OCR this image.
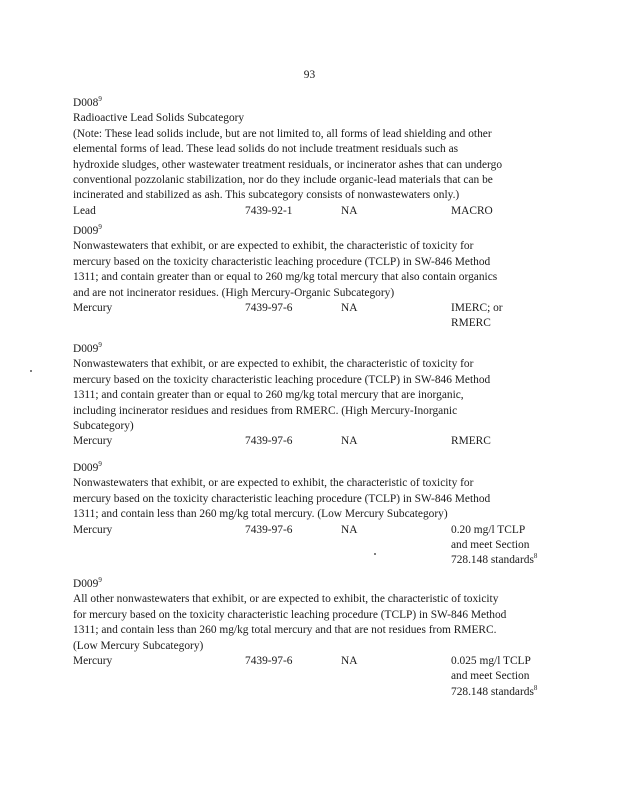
93
$D008^9$
Radioactive Lead Solids Subcategory
(Note: These lead solids include, but are not limited to, all forms of lead shielding and other
elemental forms of lead. These lead solids do not include treatment residuals such as
hydroxide sludges, other wastewater treatment residuals, or incinerator ashes that can undergo
conventional pozzolanic stabilization, nor do they include organic-lead materials that can be
incinerated and stabilized as ash. This subcategory consists of nonwastewaters only.)
Lead	7439-92-1	NA	MACRO
$D009^9$
Nonwastewaters that exhibit, or are expected to exhibit, the characteristic of toxicity for
mercury based on the toxicity characteristic leaching procedure (TCLP) in SW-846 Method
1311; and contain greater than or equal to 260 mg/kg total mercury that also contain organics
and are not incinerator residues. (High Mercury-Organic Subcategory)
Mercury	7439-97-6	NA	IMERC; or
RMERC
$D009^9$
Nonwastewaters that exhibit, or are expected to exhibit, the characteristic of toxicity for
mercury based on the toxicity characteristic leaching procedure (TCLP) in SW-846 Method
1311; and contain greater than or equal to 260 mg/kg total mercury that are inorganic,
including incinerator residues and residues from RMERC. (High Mercury-Inorganic
Subcategory)
Mercury	7439-97-6	NA	RMERC
$D009^9$
Nonwastewaters that exhibit, or are expected to exhibit, the characteristic of toxicity for
mercury based on the toxicity characteristic leaching procedure (TCLP) in SW-846 Method
1311; and contain less than 260 mg/kg total mercury. (Low Mercury Subcategory)
Mercury	7439-97-6	NA	0.20 mg/l TCLP
and meet Section
728.148 standards$^8$
$D009^9$
All other nonwastewaters that exhibit, or are expected to exhibit, the characteristic of toxicity
for mercury based on the toxicity characteristic leaching procedure (TCLP) in SW-846 Method
1311; and contain less than 260 mg/kg total mercury and that are not residues from RMERC.
(Low Mercury Subcategory)
Mercury	7439-97-6	NA	0.025 mg/l TCLP
and meet Section
728.148 standards$^8$
